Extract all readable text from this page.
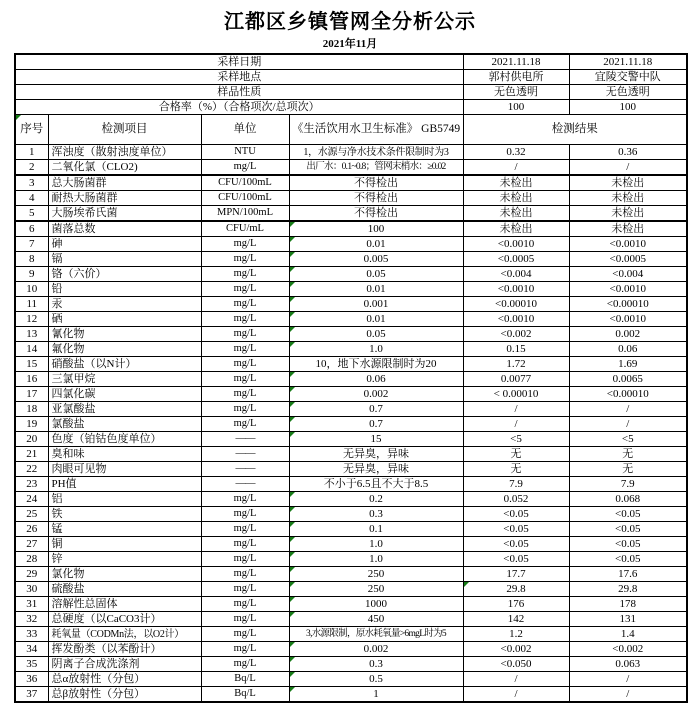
江都区乡镇管网全分析公示
2021年11月
采样日期				2021.11.18	2021.11.18
采样地点				郭村供电所	宜陵交警中队
样品性质				无色透明	无色透明
合格率（%）（合格项次/总项次）				100	100

序号	检测项目	单位	《生活饮用水卫生标准》 GB5749	检测结果	
1	浑浊度（散射浊度单位）	NTU	1，水源与净水技术条件限制时为3	0.32	0.36
2	二氧化氯（CLO2)	mg/L	出厂水：0.1~0.8；管网末梢水：≥0.02	/	/
3	总大肠菌群	CFU/100mL	不得检出	未检出	未检出
4	耐热大肠菌群	CFU/100mL	不得检出	未检出	未检出
5	大肠埃希氏菌	MPN/100mL	不得检出	未检出	未检出
6	菌落总数	CFU/mL	100	未检出	未检出
7	砷	mg/L	0.01	<0.0010	<0.0010
8	镉	mg/L	0.005	<0.0005	<0.0005
9	铬（六价）	mg/L	0.05	<0.004	<0.004
10	铅	mg/L	0.01	<0.0010	<0.0010
11	汞	mg/L	0.001	<0.00010	<0.00010
12	硒	mg/L	0.01	<0.0010	<0.0010
13	氰化物	mg/L	0.05	<0.002	0.002
14	氟化物	mg/L	1.0	0.15	0.06
15	硝酸盐（以N计）	mg/L	10，地下水源限制时为20	1.72	1.69
16	三氯甲烷	mg/L	0.06	0.0077	0.0065
17	四氯化碳	mg/L	0.002	< 0.00010	<0.00010
18	亚氯酸盐	mg/L	0.7	/	/
19	氯酸盐	mg/L	0.7	/	/
20	色度（铂钴色度单位）	——	15	<5	<5
21	臭和味	——	无异臭，异味	无	无
22	肉眼可见物	——	无异臭，异味	无	无
23	PH值	——	不小于6.5且不大于8.5	7.9	7.9
24	铝	mg/L	0.2	0.052	0.068
25	铁	mg/L	0.3	<0.05	<0.05
26	锰	mg/L	0.1	<0.05	<0.05
27	铜	mg/L	1.0	<0.05	<0.05
28	锌	mg/L	1.0	<0.05	<0.05
29	氯化物	mg/L	250	17.7	17.6
30	硫酸盐	mg/L	250	29.8	29.8
31	溶解性总固体	mg/L	1000	176	178
32	总硬度（以CaCO3计）	mg/L	450	142	131
33	耗氧量（CODMn法，以O2计）	mg/L	3,水源限制，原水耗氧量>6mgL时为5	1.2	1.4
34	挥发酚类（以苯酚计）	mg/L	0.002	<0.002	<0.002
35	阴离子合成洗涤剂	mg/L	0.3	<0.050	0.063
36	总α放射性（分包）	Bq/L	0.5	/	/
37	总β放射性（分包）	Bq/L	1	/	/
